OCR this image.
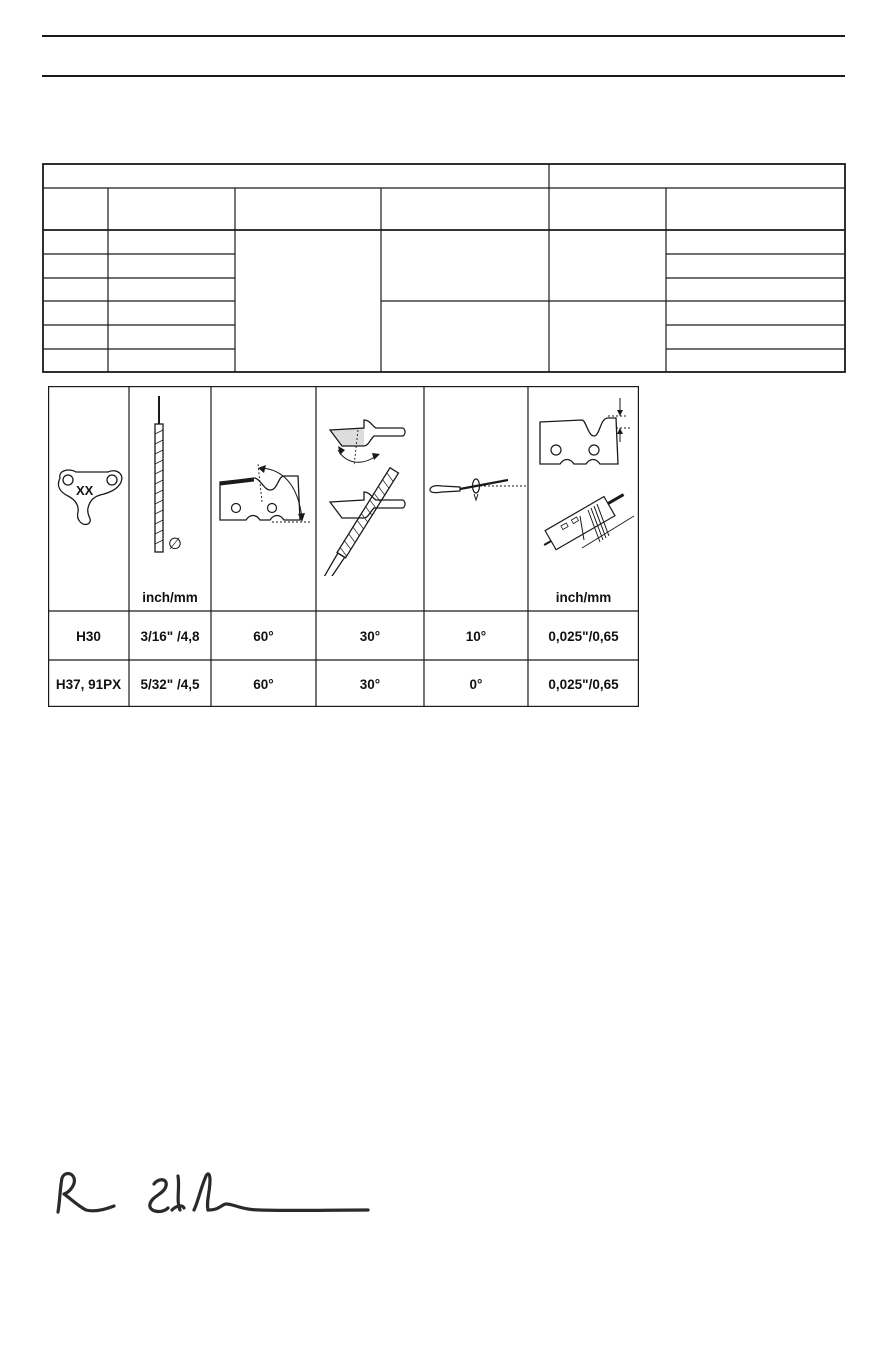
XX
∅
inch/mm	inch/mm
H30	3/16" /4,8	60°	30°	10°	0,025"/0,65
H37, 91PX	5/32" /4,5	60°	30°	0°	0,025"/0,65
